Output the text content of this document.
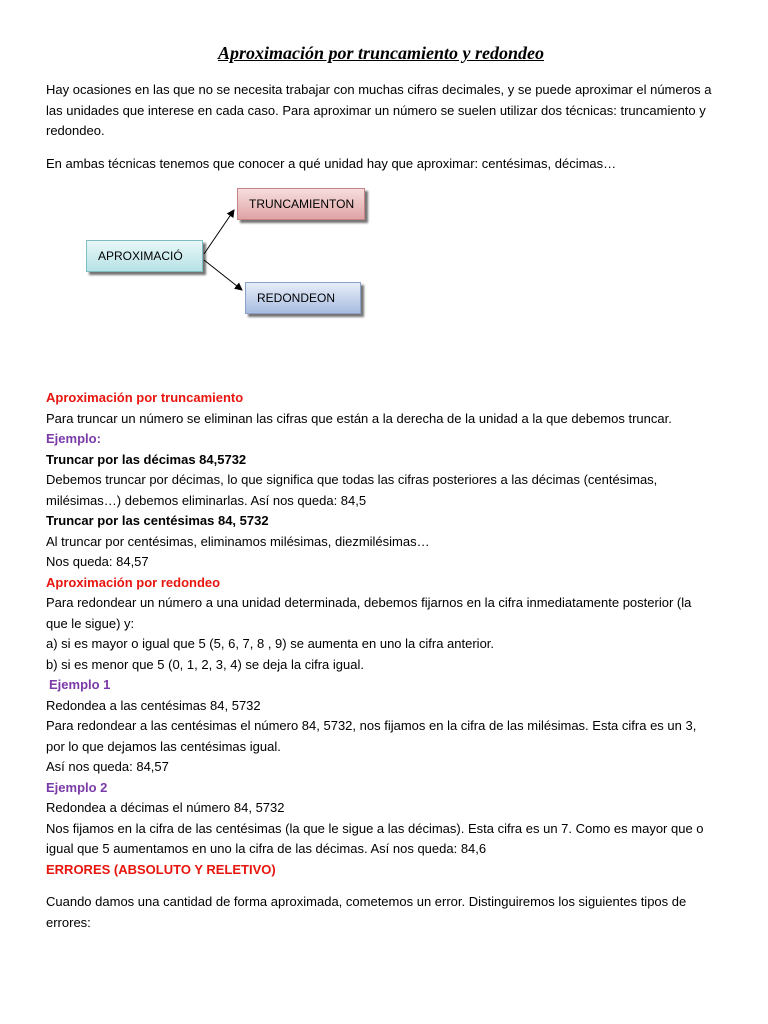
Aproximación por truncamiento y redondeo

Hay ocasiones en las que no se necesita trabajar con muchas cifras decimales, y se puede aproximar el números a las unidades que interese en cada caso. Para aproximar un número se suelen utilizar dos técnicas: truncamiento y redondeo.

En ambas técnicas tenemos que conocer a qué unidad hay que aproximar: centésimas, décimas…

APROXIMACIÓ
TRUNCAMIENTON
REDONDEON

Aproximación por truncamiento

Para truncar un número se eliminan las cifras que están a la derecha de la unidad a la que debemos truncar.

Ejemplo:

Truncar por las décimas 84,5732

Debemos truncar por décimas, lo que significa que todas las cifras posteriores a las décimas (centésimas, milésimas…) debemos eliminarlas. Así nos queda: 84,5

Truncar por las centésimas 84, 5732

Al truncar por centésimas, eliminamos milésimas, diezmilésimas…

Nos queda: 84,57

Aproximación por redondeo

Para redondear un número a una unidad determinada, debemos fijarnos en la cifra inmediatamente posterior (la que le sigue) y:

a) si es mayor o igual que 5 (5, 6, 7, 8 , 9) se aumenta en uno la cifra anterior.

b) si es menor que 5 (0, 1, 2, 3, 4) se deja la cifra igual.

Ejemplo 1

Redondea a las centésimas 84, 5732

Para redondear a las centésimas el número 84, 5732, nos fijamos en la cifra de las milésimas. Esta cifra es un 3, por lo que dejamos las centésimas igual.

Así nos queda: 84,57

Ejemplo 2

Redondea a décimas el número 84, 5732

Nos fijamos en la cifra de las centésimas (la que le sigue a las décimas). Esta cifra es un 7. Como es mayor que o igual que 5 aumentamos en uno la cifra de las décimas. Así nos queda: 84,6

ERRORES (ABSOLUTO Y RELETIVO)

Cuando damos una cantidad de forma aproximada, cometemos un error. Distinguiremos los siguientes tipos de errores:
